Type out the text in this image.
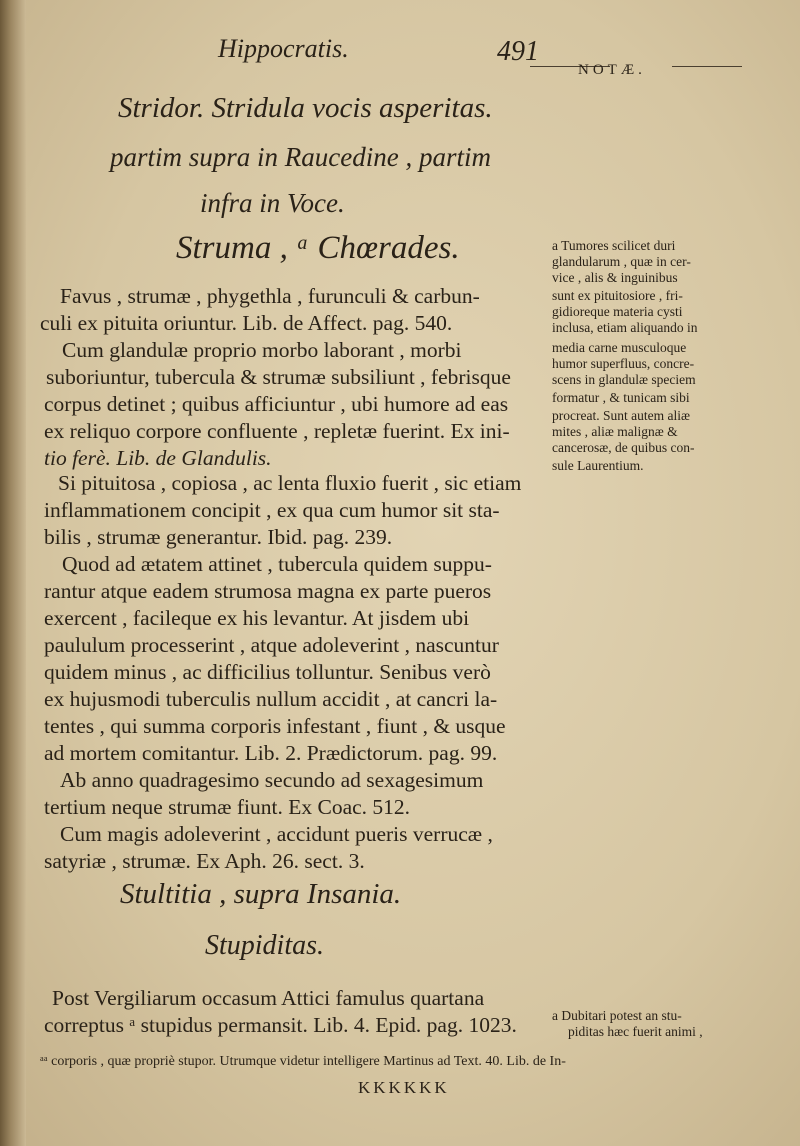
Hippocratis.	491
NOTÆ.
Stridor. Stridula vocis asperitas.
partim supra in Raucedine , partim
infra in Voce.
Struma , ᵃ Chœrades.
Favus , strumæ , phygethla , furunculi & carbun-
culi ex pituita oriuntur. Lib. de Affect. pag. 540.
Cum glandulæ proprio morbo laborant , morbi
suboriuntur, tubercula & strumæ subsiliunt , febrisque
corpus detinet ; quibus afficiuntur , ubi humore ad eas
ex reliquo corpore confluente , repletæ fuerint. Ex ini-
tio ferè. Lib. de Glandulis.
Si pituitosa , copiosa , ac lenta fluxio fuerit , sic etiam
inflammationem concipit , ex qua cum humor sit sta-
bilis , strumæ generantur. Ibid. pag. 239.
Quod ad ætatem attinet , tubercula quidem suppu-
rantur atque eadem strumosa magna ex parte pueros
exercent , facileque ex his levantur. At jisdem ubi
paululum processerint , atque adoleverint , nascuntur
quidem minus , ac difficilius tolluntur. Senibus verò
ex hujusmodi tuberculis nullum accidit , at cancri la-
tentes , qui summa corporis infestant , fiunt , & usque
ad mortem comitantur. Lib. 2. Prædictorum. pag. 99.
Ab anno quadragesimo secundo ad sexagesimum
tertium neque strumæ fiunt. Ex Coac. 512.
Cum magis adoleverint , accidunt pueris verrucæ ,
satyriæ , strumæ. Ex Aph. 26. sect. 3.
a Tumores scilicet duri
glandularum , quæ in cer-
vice , alis & inguinibus
sunt ex pituitosiore , fri-
gidioreque materia cysti
inclusa, etiam aliquando in
media carne musculoque
humor superfluus, concre-
scens in glandulæ speciem
formatur , & tunicam sibi
procreat. Sunt autem aliæ
mites , aliæ malignæ &
cancerosæ, de quibus con-
sule Laurentium.
Stultitia , supra Insania.
Stupiditas.
Post Vergiliarum occasum Attici famulus quartana
correptus ᵃ stupidus permansit. Lib. 4. Epid. pag. 1023.	a Dubitari potest an stu-
piditas hæc fuerit animi ,
ᵃᵃ corporis , quæ propriè stupor. Utrumque videtur intelligere Martinus ad Text. 40. Lib. de In-
KKKKKK
